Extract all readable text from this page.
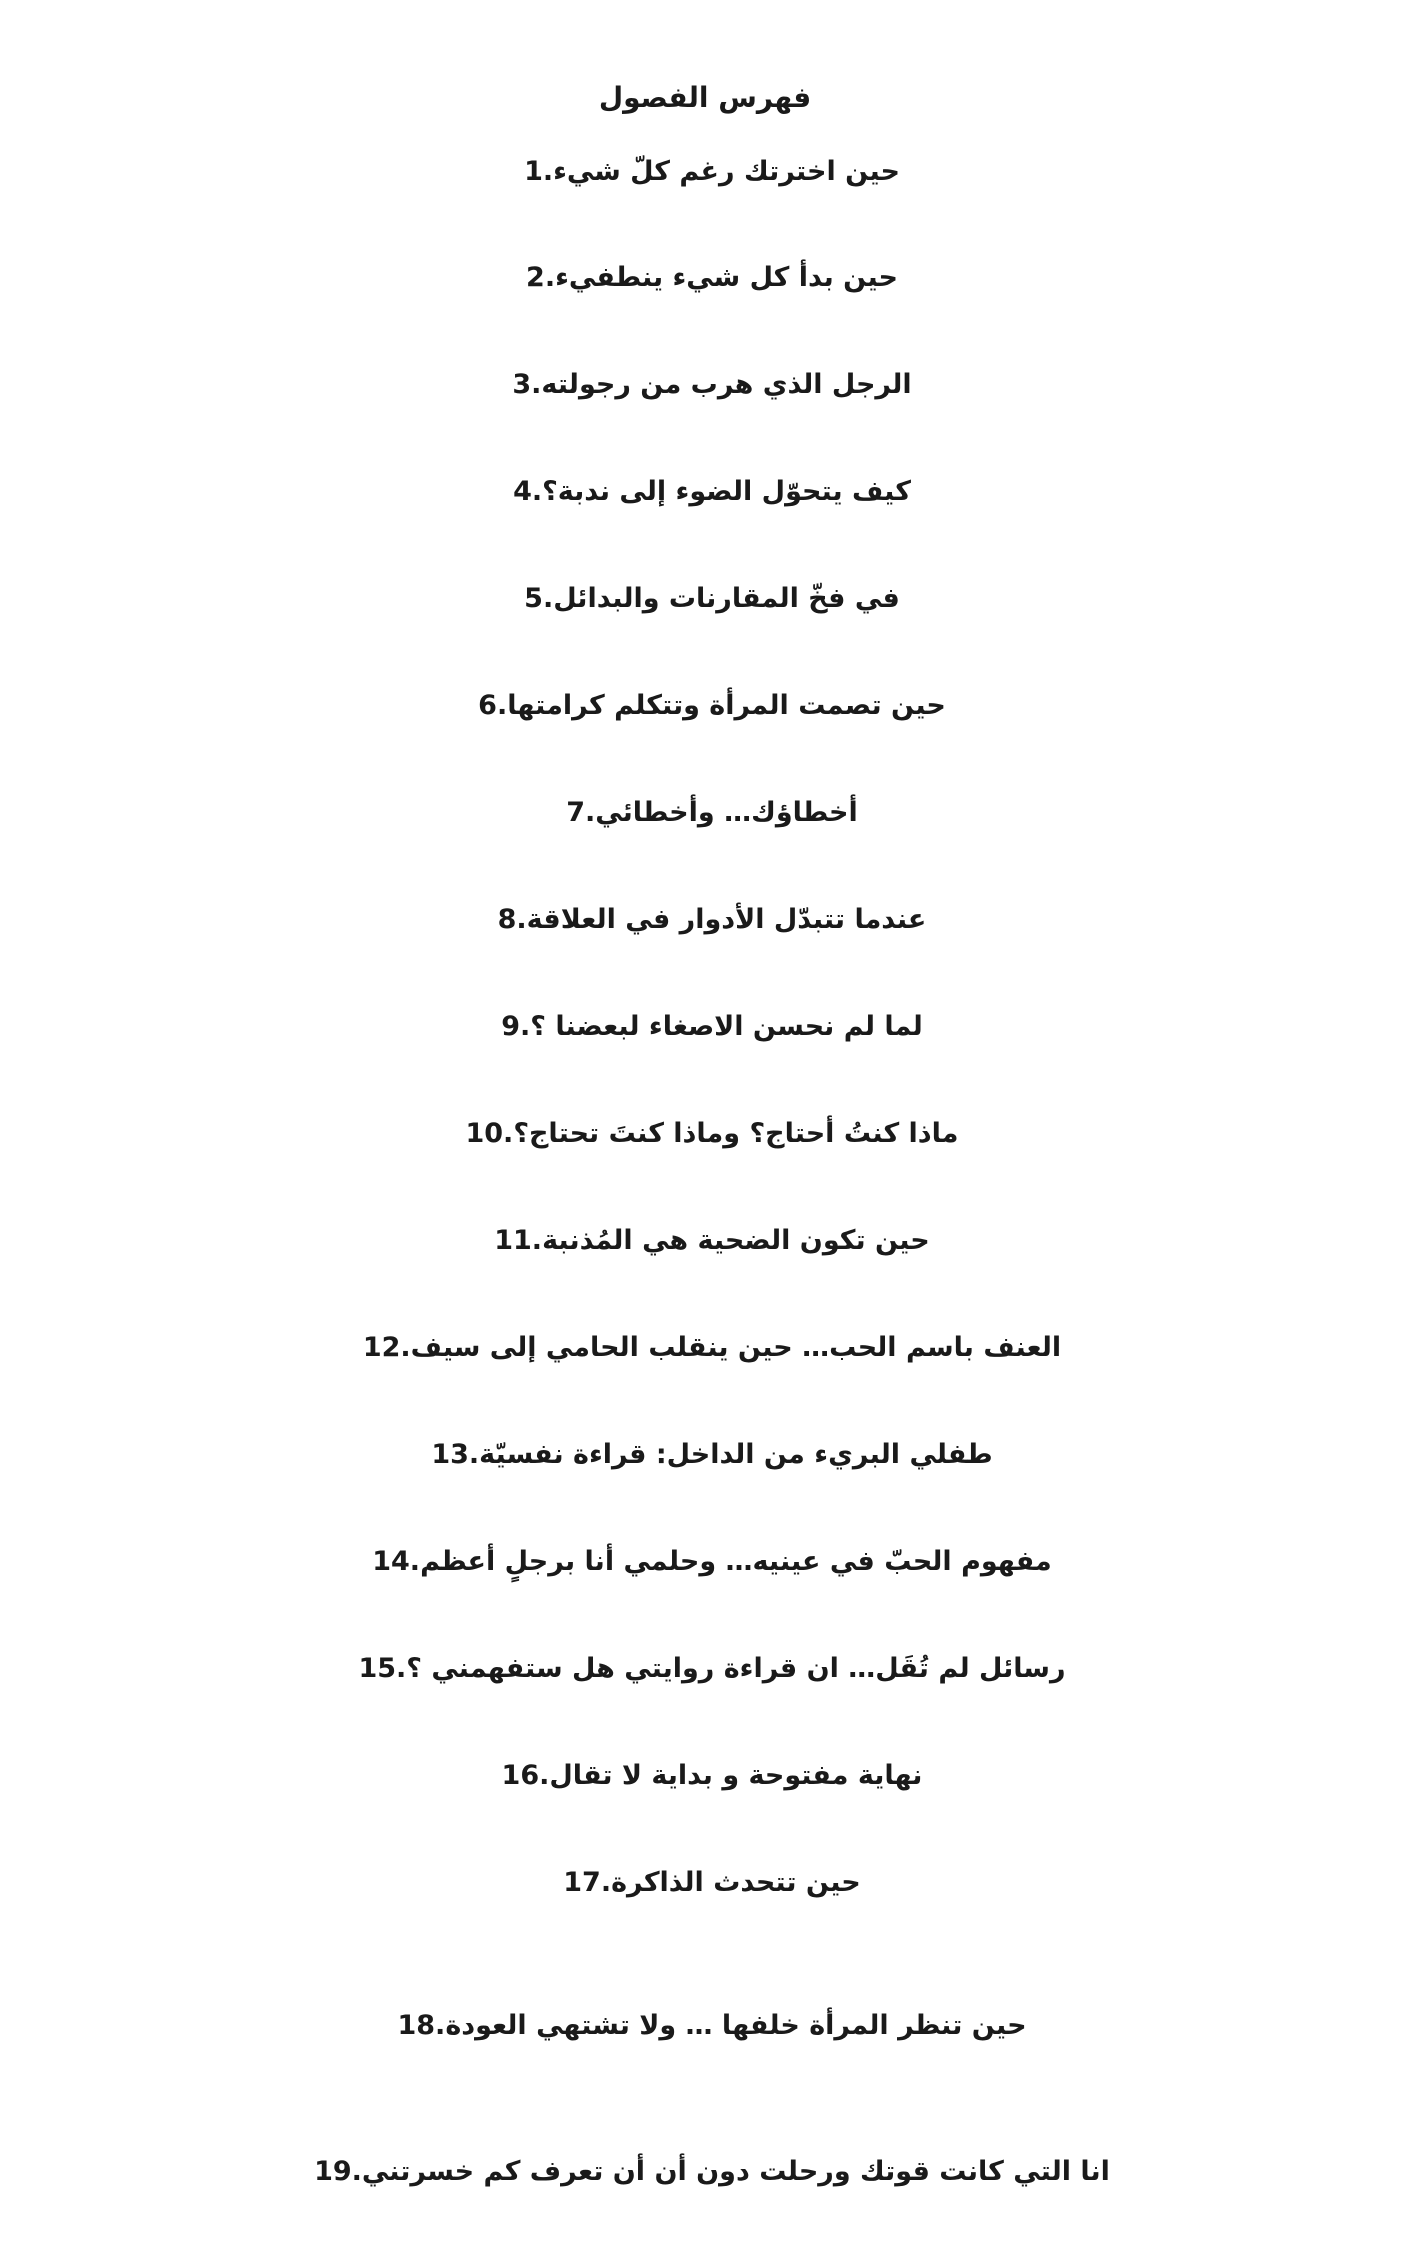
فهرس الفصول
1.حين اخترتك رغم كلّ شيء
2.حين بدأ كل شيء ينطفيء
3.الرجل الذي هرب من رجولته
4.كيف يتحوّل الضوء إلى ندبة؟
5.في فخّ المقارنات والبدائل
6.حين تصمت المرأة وتتكلم كرامتها
7.أخطاؤك… وأخطائي
8.عندما تتبدّل الأدوار في العلاقة
9.لما لم نحسن الاصغاء لبعضنا ؟
10.ماذا كنتُ أحتاج؟ وماذا كنتَ تحتاج؟
11.حين تكون الضحية هي المُذنبة
12.العنف باسم الحب… حين ينقلب الحامي إلى سيف
13.طفلي البريء من الداخل: قراءة نفسيّة
14.مفهوم الحبّ في عينيه… وحلمي أنا برجلٍ أعظم
15.رسائل لم تُقَل… ان قراءة روايتي هل ستفهمني ؟
16.نهاية مفتوحة و بداية لا تقال
17.حين تتحدث الذاكرة
18.حين تنظر المرأة خلفها … ولا تشتهي العودة
19.انا التي كانت قوتك ورحلت دون أن أن تعرف كم خسرتني
